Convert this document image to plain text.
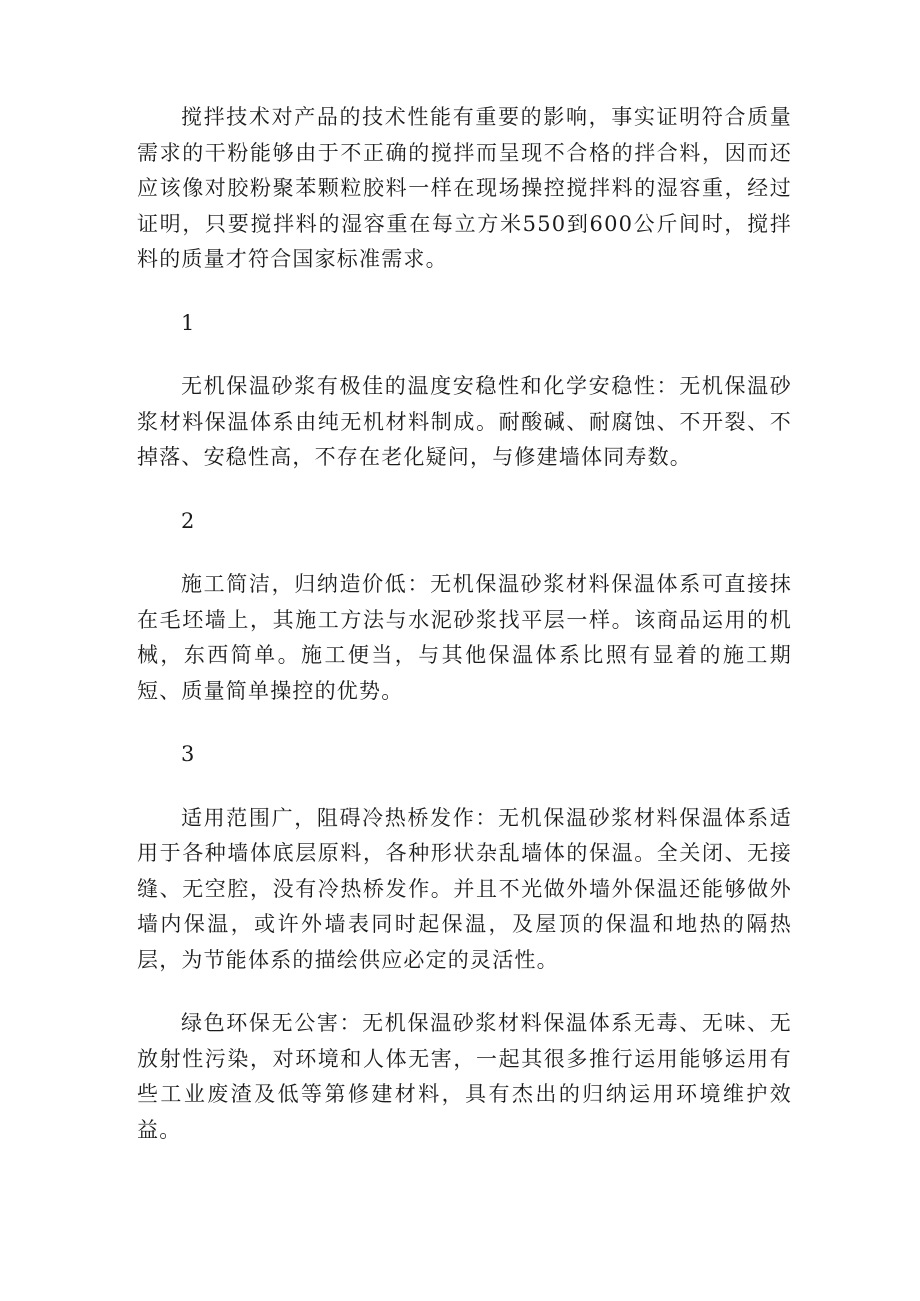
搅拌技术对产品的技术性能有重要的影响，事实证明符合质量需求的干粉能够由于不正确的搅拌而呈现不合格的拌合料，因而还应该像对胶粉聚苯颗粒胶料一样在现场操控搅拌料的湿容重，经过证明，只要搅拌料的湿容重在每立方米550到600公斤间时，搅拌料的质量才符合国家标准需求。

1

无机保温砂浆有极佳的温度安稳性和化学安稳性：无机保温砂浆材料保温体系由纯无机材料制成。耐酸碱、耐腐蚀、不开裂、不掉落、安稳性高，不存在老化疑问，与修建墙体同寿数。

2

施工简洁，归纳造价低：无机保温砂浆材料保温体系可直接抹在毛坯墙上，其施工方法与水泥砂浆找平层一样。该商品运用的机械，东西简单。施工便当，与其他保温体系比照有显着的施工期短、质量简单操控的优势。

3

适用范围广，阻碍冷热桥发作：无机保温砂浆材料保温体系适用于各种墙体底层原料，各种形状杂乱墙体的保温。全关闭、无接缝、无空腔，没有冷热桥发作。并且不光做外墙外保温还能够做外墙内保温，或许外墙表同时起保温，及屋顶的保温和地热的隔热层，为节能体系的描绘供应必定的灵活性。

绿色环保无公害：无机保温砂浆材料保温体系无毒、无味、无放射性污染，对环境和人体无害，一起其很多推行运用能够运用有些工业废渣及低等第修建材料，具有杰出的归纳运用环境维护效益。
